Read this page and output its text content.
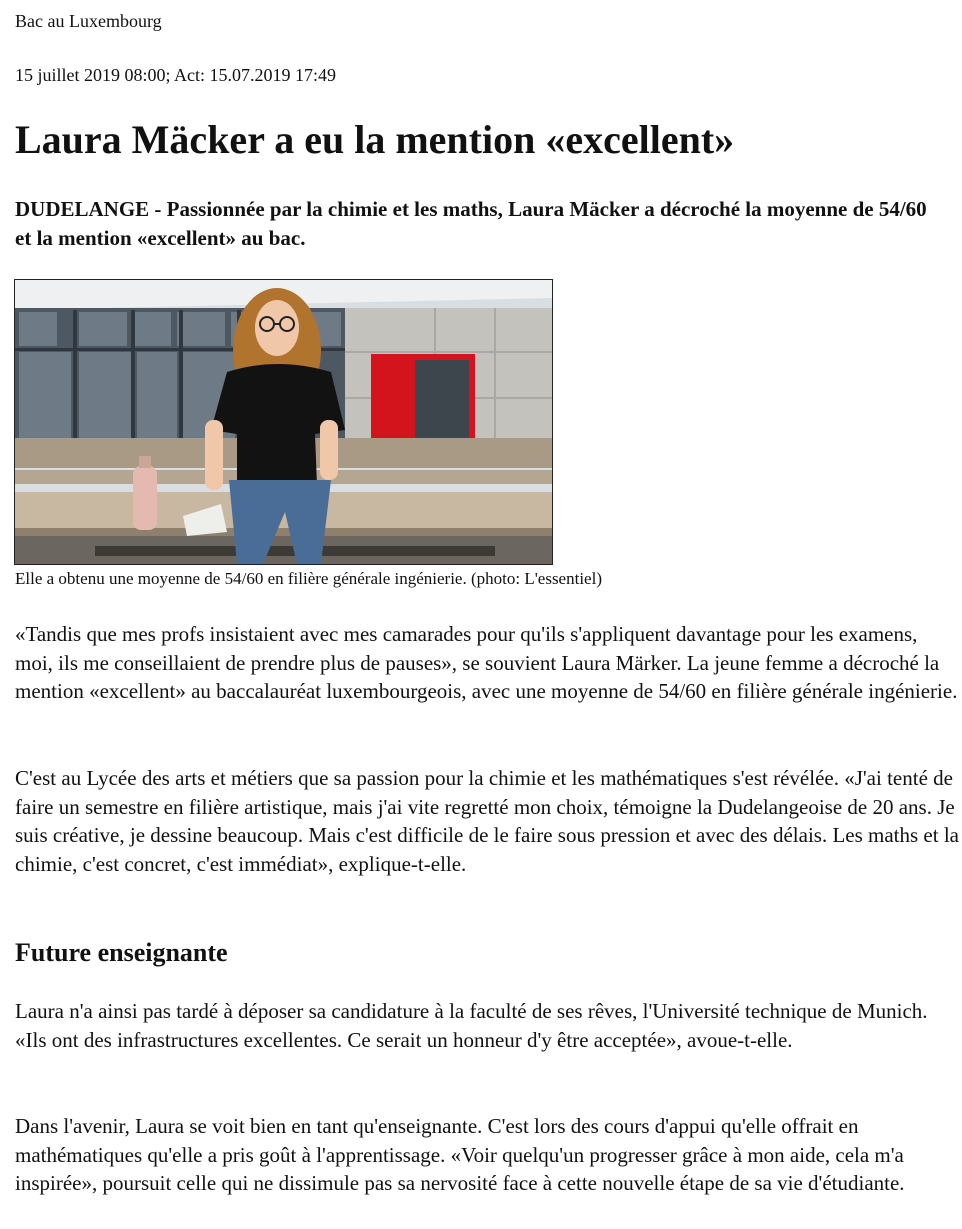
Bac au Luxembourg
15 juillet 2019 08:00; Act: 15.07.2019 17:49
Laura Mäcker a eu la mention «excellent»

DUDELANGE - Passionnée par la chimie et les maths, Laura Mäcker a décroché la moyenne de 54/60 et la mention «excellent» au bac.

Elle a obtenu une moyenne de 54/60 en filière générale ingénierie. (photo: L'essentiel)

«Tandis que mes profs insistaient avec mes camarades pour qu'ils s'appliquent davantage pour les examens, moi, ils me conseillaient de prendre plus de pauses», se souvient Laura Märker. La jeune femme a décroché la mention «excellent» au baccalauréat luxembourgeois, avec une moyenne de 54/60 en filière générale ingénierie.

C'est au Lycée des arts et métiers que sa passion pour la chimie et les mathématiques s'est révélée. «J'ai tenté de faire un semestre en filière artistique, mais j'ai vite regretté mon choix, témoigne la Dudelangeoise de 20 ans. Je suis créative, je dessine beaucoup. Mais c'est difficile de le faire sous pression et avec des délais. Les maths et la chimie, c'est concret, c'est immédiat», explique-t-elle.

Future enseignante

Laura n'a ainsi pas tardé à déposer sa candidature à la faculté de ses rêves, l'Université technique de Munich. «Ils ont des infrastructures excellentes. Ce serait un honneur d'y être acceptée», avoue-t-elle.

Dans l'avenir, Laura se voit bien en tant qu'enseignante. C'est lors des cours d'appui qu'elle offrait en mathématiques qu'elle a pris goût à l'apprentissage. «Voir quelqu'un progresser grâce à mon aide, cela m'a inspirée», poursuit celle qui ne dissimule pas sa nervosité face à cette nouvelle étape de sa vie d'étudiante.
